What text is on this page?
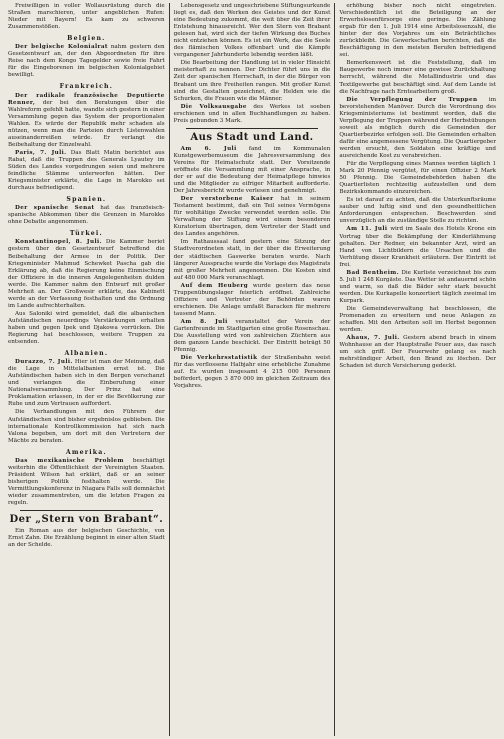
Freiwilligen in voller Wollausrüstung durch die Straßen marschieren, unter angeblichen Rufen: Nieder mit Bayern! Es kam zu schweren Zusammenstößen.

Belgien.

Der belgische Kolonialrat nahm gestern den Gesetzentwurf an, der den Abgeordneten für ihre Reise nach dem Kongo Tagegelder sowie freie Fahrt für die Eingeborenen im belgischen Kolonialgebiet bewilligt.

Frankreich.

Der radikale französische Deputierte Renner, der bei den Beratungen über die Wahlreform gefehlt hatte, wandte sich gestern in einer Versammlung gegen das System der proportionalen Wahlen. Es würde der Republik mehr schaden als nützen, wenn man die Parteien durch Listenwahlen auseinanderreißen würde. Er verlangt die Beibehaltung der Einzelwahl.

Paris, 7. Juli. Das Blatt Matin berichtet aus Rabat, daß die Truppen des Generals Lyautey im Süden des Landes vorgedrungen seien und mehrere feindliche Stämme unterworfen hätten. Der Kriegsminister erklärte, die Lage in Marokko sei durchaus befriedigend.

Spanien.

Der spanische Senat hat das französisch-spanische Abkommen über die Grenzen in Marokko ohne Debatte angenommen.

Türkei.

Konstantinopel, 8. Juli. Die Kammer beriet gestern über den Gesetzentwurf betreffend die Beibehaltung der Armee in der Politik. Der Kriegsminister Mahmud Schewket Pascha gab die Erklärung ab, daß die Regierung keine Einmischung der Offiziere in die inneren Angelegenheiten dulden werde. Die Kammer nahm den Entwurf mit großer Mehrheit an. Der Großwesir erklärte, das Kabinett werde an der Verfassung festhalten und die Ordnung im Lande aufrechterhalten.

Aus Saloniki wird gemeldet, daß die albanischen Aufständischen neuerdings Verstärkungen erhalten haben und gegen Ipek und Djakowa vorrücken. Die Regierung hat beschlossen, weitere Truppen zu entsenden.

Albanien.

Durazzo, 7. Juli. Hier ist man der Meinung, daß die Lage in Mittelalbanien ernst ist. Die Aufständischen haben sich in den Bergen verschanzt und verlangen die Einberufung einer Nationalversammlung. Der Prinz hat eine Proklamation erlassen, in der er die Bevölkerung zur Ruhe und zum Vertrauen auffordert.

Die Verhandlungen mit den Führern der Aufständischen sind bisher ergebnislos geblieben. Die internationale Kontrollkommission hat sich nach Valona begeben, um dort mit den Vertretern der Mächte zu beraten.

Amerika.

Das mexikanische Problem beschäftigt weiterhin die Öffentlichkeit der Vereinigten Staaten. Präsident Wilson hat erklärt, daß er an seiner bisherigen Politik festhalten werde. Die Vermittlungskonferenz in Niagara Falls soll demnächst wieder zusammentreten, um die letzten Fragen zu regeln.

Der „Stern von Brabant“.

Ein Roman aus der belgischen Geschichte, von Ernst Zahn. Die Erzählung beginnt in einer alten Stadt an der Schelde.

Lebensgesetz und ungeschriebene Stiftungsurkunde liegt es, daß den Werken des Geistes und der Kunst eine Bedeutung zukommt, die weit über die Zeit ihrer Entstehung hinausreicht. Wer den Stern von Brabant gelesen hat, wird sich der tiefen Wirkung des Buches nicht entziehen können. Es ist ein Werk, das die Seele des flämischen Volkes offenbart und die Kämpfe vergangener Jahrhunderte lebendig werden läßt.

Die Bearbeitung der Handlung ist in vieler Hinsicht meisterhaft zu nennen. Der Dichter führt uns in die Zeit der spanischen Herrschaft, in der die Bürger von Brabant um ihre Freiheiten rangen. Mit großer Kunst sind die Gestalten gezeichnet, die Helden wie die Schurken, die Frauen wie die Männer.

Die Volksausgabe des Werkes ist soeben erschienen und in allen Buchhandlungen zu haben. Preis gebunden 3 Mark.

Aus Stadt und Land.

Am 6. Juli fand im Kommunalen Kunstgewerbemuseum die Jahresversammlung des Vereins für Heimatschutz statt. Der Vorsitzende eröffnete die Versammlung mit einer Ansprache, in der er auf die Bedeutung der Heimatpflege hinwies und die Mitglieder zu eifriger Mitarbeit aufforderte. Der Jahresbericht wurde verlesen und genehmigt.

Der verstorbene Kaiser hat in seinem Testament bestimmt, daß ein Teil seines Vermögens für wohltätige Zwecke verwendet werden solle. Die Verwaltung der Stiftung wird einem besonderen Kuratorium übertragen, dem Vertreter der Stadt und des Landes angehören.

Im Rathaussaal fand gestern eine Sitzung der Stadtverordneten statt, in der über die Erweiterung der städtischen Gaswerke beraten wurde. Nach längerer Aussprache wurde die Vorlage des Magistrats mit großer Mehrheit angenommen. Die Kosten sind auf 480 000 Mark veranschlagt.

Auf dem Heuberg wurde gestern das neue Truppenübungslager feierlich eröffnet. Zahlreiche Offiziere und Vertreter der Behörden waren erschienen. Die Anlage umfaßt Baracken für mehrere tausend Mann.

Am 8. Juli veranstaltet der Verein der Gartenfreunde im Stadtgarten eine große Rosenschau. Die Ausstellung wird von zahlreichen Züchtern aus dem ganzen Lande beschickt. Der Eintritt beträgt 50 Pfennig.

Die Verkehrsstatistik der Straßenbahn weist für das verflossene Halbjahr eine erhebliche Zunahme auf. Es wurden insgesamt 4 215 000 Personen befördert, gegen 3 870 000 im gleichen Zeitraum des Vorjahres.

erhöhung bisher noch nicht eingetreten. Verschiedentlich ist die Beteiligung an der Erwerbslosenfürsorge eine geringe. Die Zählung ergab für den 1. Juli 1914 eine Arbeitslosenzahl, die hinter der des Vorjahres um ein Beträchtliches zurückbleibt. Die Gewerkschaften berichten, daß die Beschäftigung in den meisten Berufen befriedigend sei.

Bemerkenswert ist die Feststellung, daß im Baugewerbe noch immer eine gewisse Zurückhaltung herrscht, während die Metallindustrie und das Textilgewerbe gut beschäftigt sind. Auf dem Lande ist die Nachfrage nach Erntearbeitern groß.

Die Verpflegung der Truppen im bevorstehenden Manöver. Durch die Verordnung des Kriegsministeriums ist bestimmt worden, daß die Verpflegung der Truppen während der Herbstübungen soweit als möglich durch die Gemeinden der Quartierbezirke erfolgen soll. Die Gemeinden erhalten dafür eine angemessene Vergütung. Die Quartiergeber werden ersucht, den Soldaten eine kräftige und ausreichende Kost zu verabreichen.

Für die Verpflegung eines Mannes werden täglich 1 Mark 20 Pfennig vergütet, für einen Offizier 2 Mark 50 Pfennig. Die Gemeindebehörden haben die Quartierlisten rechtzeitig aufzustellen und dem Bezirkskommando einzureichen.

Es ist darauf zu achten, daß die Unterkunftsräume sauber und luftig sind und den gesundheitlichen Anforderungen entsprechen. Beschwerden sind unverzüglich an die zuständige Stelle zu richten.

Am 11. Juli wird im Saale des Hotels Krone ein Vortrag über die Bekämpfung der Kinderlähmung gehalten. Der Redner, ein bekannter Arzt, wird an Hand von Lichtbildern die Ursachen und die Verhütung dieser Krankheit erläutern. Der Eintritt ist frei.

Bad Bentheim. Die Kurliste verzeichnet bis zum 5. Juli 1 248 Kurgäste. Das Wetter ist andauernd schön und warm, so daß die Bäder sehr stark besucht werden. Die Kurkapelle konzertiert täglich zweimal im Kurpark.

Die Gemeindeverwaltung hat beschlossen, die Promenaden zu erweitern und neue Anlagen zu schaffen. Mit den Arbeiten soll im Herbst begonnen werden.

Ahaus, 7. Juli. Gestern abend brach in einem Wohnhause an der Hauptstraße Feuer aus, das rasch um sich griff. Der Feuerwehr gelang es nach mehrstündiger Arbeit, den Brand zu löschen. Der Schaden ist durch Versicherung gedeckt.
